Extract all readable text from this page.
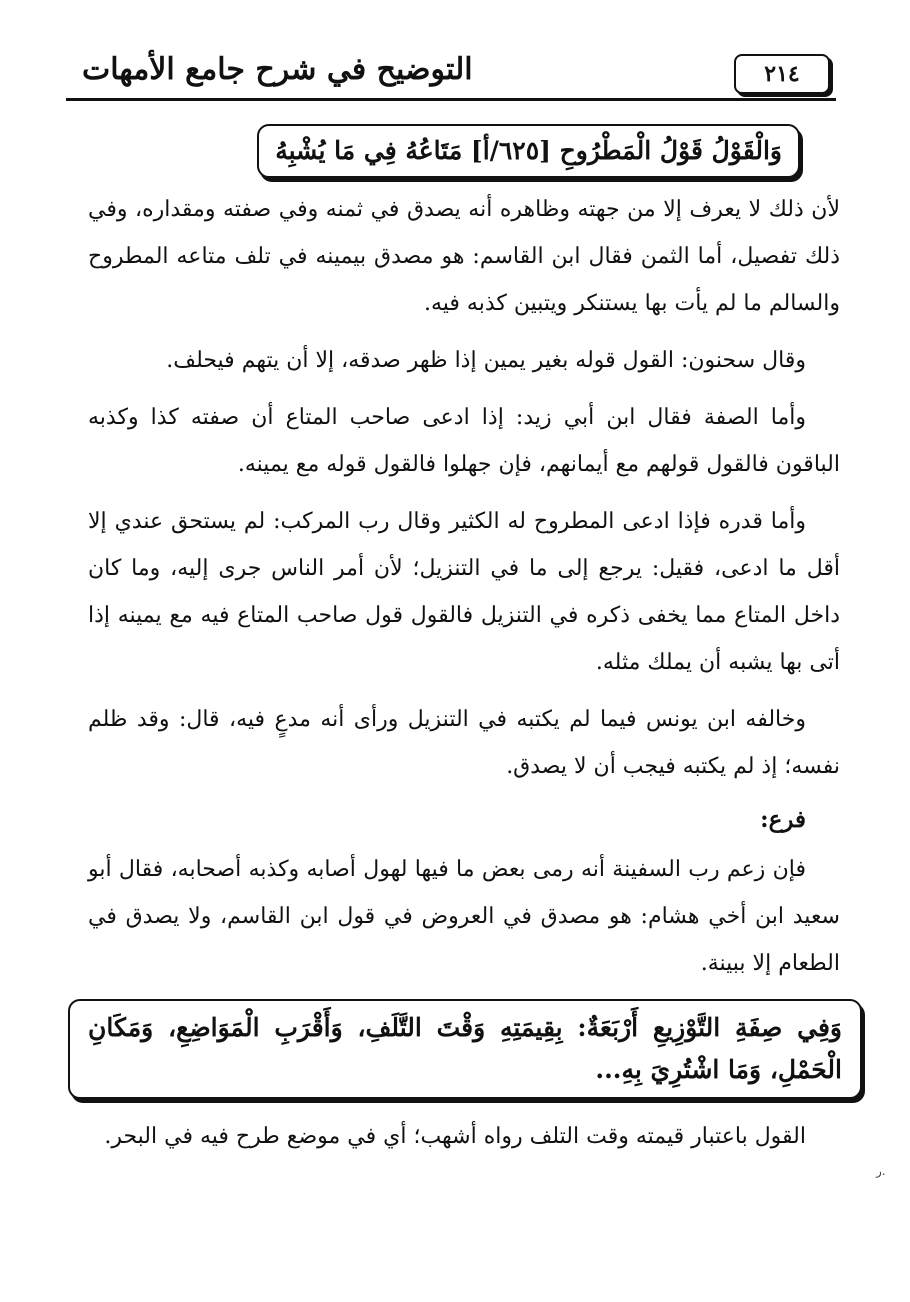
التوضيح في شرح جامع الأمهات	٢١٤
وَالْقَوْلُ قَوْلُ الْمَطْرُوحِ [٦٢٥/أ] مَتَاعُهُ فِي مَا يُشْبِهُ

لأن ذلك لا يعرف إلا من جهته وظاهره أنه يصدق في ثمنه وفي صفته ومقداره، وفي ذلك تفصيل، أما الثمن فقال ابن القاسم: هو مصدق بيمينه في تلف متاعه المطروح والسالم ما لم يأت بها يستنكر ويتبين كذبه فيه.

وقال سحنون: القول قوله بغير يمين إذا ظهر صدقه، إلا أن يتهم فيحلف.

وأما الصفة فقال ابن أبي زيد: إذا ادعى صاحب المتاع أن صفته كذا وكذبه الباقون فالقول قولهم مع أيمانهم، فإن جهلوا فالقول قوله مع يمينه.

وأما قدره فإذا ادعى المطروح له الكثير وقال رب المركب: لم يستحق عندي إلا أقل ما ادعى، فقيل: يرجع إلى ما في التنزيل؛ لأن أمر الناس جرى إليه، وما كان داخل المتاع مما يخفى ذكره في التنزيل فالقول قول صاحب المتاع فيه مع يمينه إذا أتى بها يشبه أن يملك مثله.

وخالفه ابن يونس فيما لم يكتبه في التنزيل ورأى أنه مدعٍ فيه، قال: وقد ظلم نفسه؛ إذ لم يكتبه فيجب أن لا يصدق.

فرع:

فإن زعم رب السفينة أنه رمى بعض ما فيها لهول أصابه وكذبه أصحابه، فقال أبو سعيد ابن أخي هشام: هو مصدق في العروض في قول ابن القاسم، ولا يصدق في الطعام إلا ببينة.

وَفِي صِفَةِ التَّوْزِيعِ أَرْبَعَةٌ: بِقِيمَتِهِ وَقْتَ التَّلَفِ، وَأَقْرَبِ الْمَوَاضِعِ، وَمَكَانِ الْحَمْلِ، وَمَا اشْتُرِيَ بِهِ...

القول باعتبار قيمته وقت التلف رواه أشهب؛ أي في موضع طرح فيه في البحر.

ر.
